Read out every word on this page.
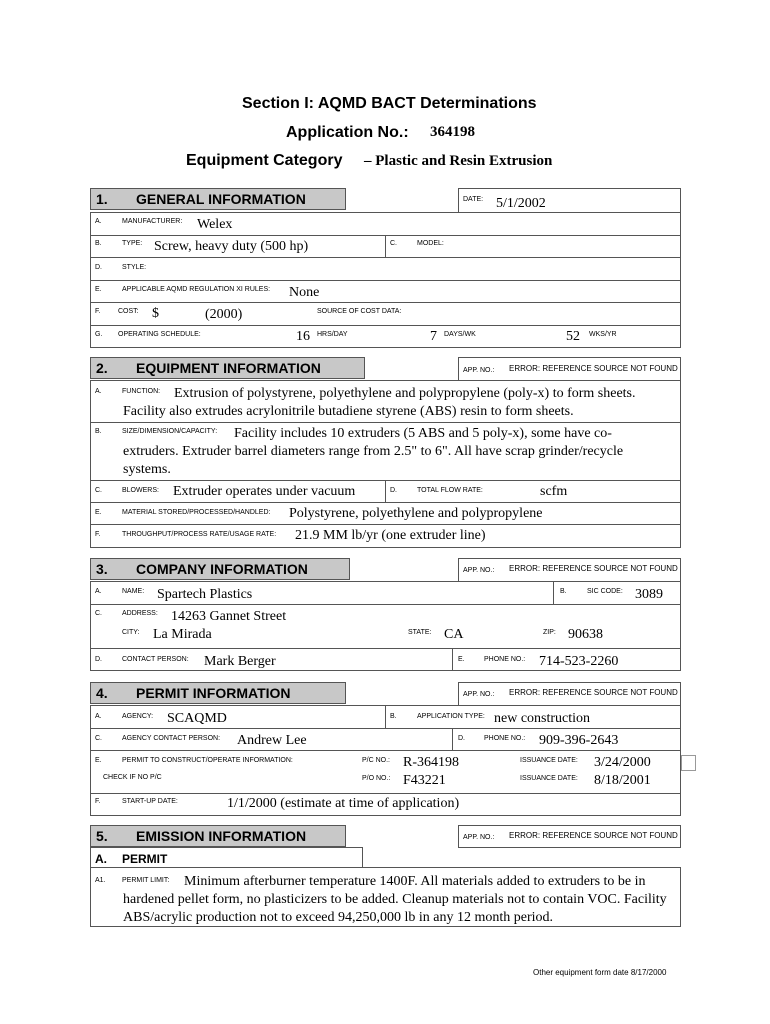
Section I: AQMD BACT Determinations
Application No.: 364198
Equipment Category – Plastic and Resin Extrusion
1. GENERAL INFORMATION	DATE: 5/1/2002
A.	MANUFACTURER: Welex
B.	TYPE: Screw, heavy duty (500 hp)	C.	MODEL:
D.	STYLE:
E.	APPLICABLE AQMD REGULATION XI RULES: None
F.	COST: $	(2000)	SOURCE OF COST DATA:
G. OPERATING SCHEDULE:	16 HRS/DAY	7 DAYS/WK	52 WKS/YR
2. EQUIPMENT INFORMATION	APP. NO.: ERROR: REFERENCE SOURCE NOT FOUND
A.	FUNCTION: Extrusion of polystyrene, polyethylene and polypropylene (poly-x) to form sheets. Facility also extrudes acrylonitrile butadiene styrene (ABS) resin to form sheets.
B.	SIZE/DIMENSION/CAPACITY:	Facility includes 10 extruders (5 ABS and 5 poly-x), some have co-extruders. Extruder barrel diameters range from 2.5" to 6". All have scrap grinder/recycle systems.
C.	BLOWERS: Extruder operates under vacuum	D.	TOTAL FLOW RATE:	scfm
E.	MATERIAL STORED/PROCESSED/HANDLED: Polystyrene, polyethylene and polypropylene
F.	THROUGHPUT/PROCESS RATE/USAGE RATE: 21.9 MM lb/yr (one extruder line)
3. COMPANY INFORMATION	APP. NO.: ERROR: REFERENCE SOURCE NOT FOUND
A.	NAME: Spartech Plastics	B.	SIC CODE: 3089
C.	ADDRESS: 14263 Gannet Street
CITY: La Mirada	STATE: CA	ZIP: 90638
D.	CONTACT PERSON: Mark Berger	E.	PHONE NO.: 714-523-2260
4. PERMIT INFORMATION	APP. NO.: ERROR: REFERENCE SOURCE NOT FOUND
A.	AGENCY: SCAQMD	B.	APPLICATION TYPE: new construction
C.	AGENCY CONTACT PERSON: Andrew Lee	D.	PHONE NO.: 909-396-2643
E.	PERMIT TO CONSTRUCT/OPERATE INFORMATION:
CHECK IF NO P/C
P/C NO.: R-364198	ISSUANCE DATE: 3/24/2000
P/O NO.: F43221	ISSUANCE DATE: 8/18/2001
F.	START-UP DATE:	1/1/2000 (estimate at time of application)
5. EMISSION INFORMATION	APP. NO.: ERROR: REFERENCE SOURCE NOT FOUND
A. PERMIT
A1. PERMIT LIMIT:	Minimum afterburner temperature 1400F. All materials added to extruders to be in hardened pellet form, no plasticizers to be added. Cleanup materials not to contain VOC. Facility ABS/acrylic production not to exceed 94,250,000 lb in any 12 month period.
Other equipment form date 8/17/2000
